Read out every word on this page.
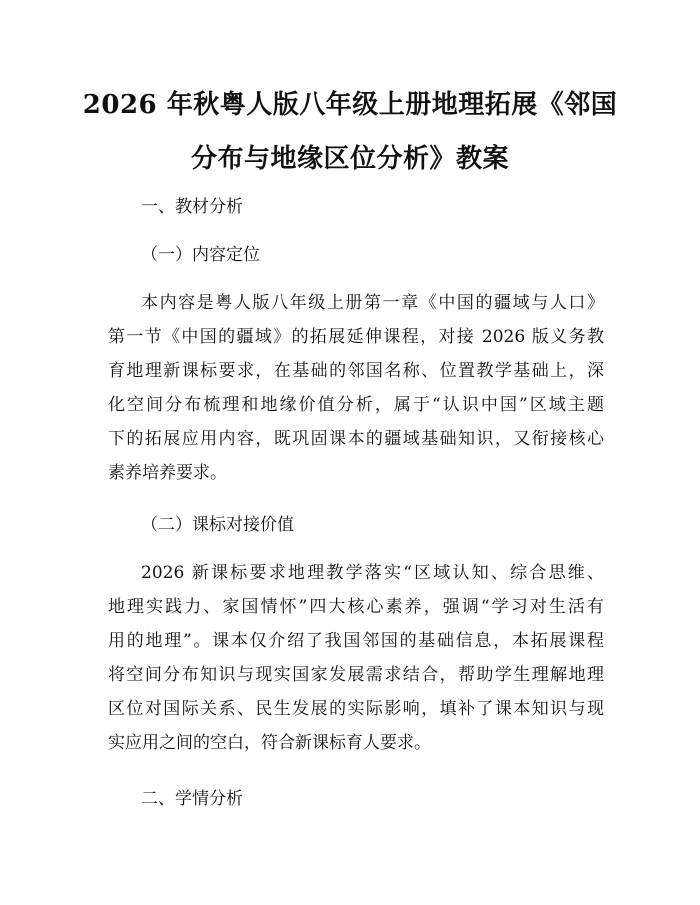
2026 年秋粤人版八年级上册地理拓展《邻国
分布与地缘区位分析》教案

一、教材分析

（一）内容定位

本内容是粤人版八年级上册第一章《中国的疆域与人口》

第一节《中国的疆域》的拓展延伸课程，对接 2026 版义务教

育地理新课标要求，在基础的邻国名称、位置教学基础上，深

化空间分布梳理和地缘价值分析，属于“认识中国”区域主题

下的拓展应用内容，既巩固课本的疆域基础知识，又衔接核心

素养培养要求。

（二）课标对接价值

2026 新课标要求地理教学落实“区域认知、综合思维、

地理实践力、家国情怀”四大核心素养，强调“学习对生活有

用的地理”。课本仅介绍了我国邻国的基础信息，本拓展课程

将空间分布知识与现实国家发展需求结合，帮助学生理解地理

区位对国际关系、民生发展的实际影响，填补了课本知识与现

实应用之间的空白，符合新课标育人要求。

二、学情分析
